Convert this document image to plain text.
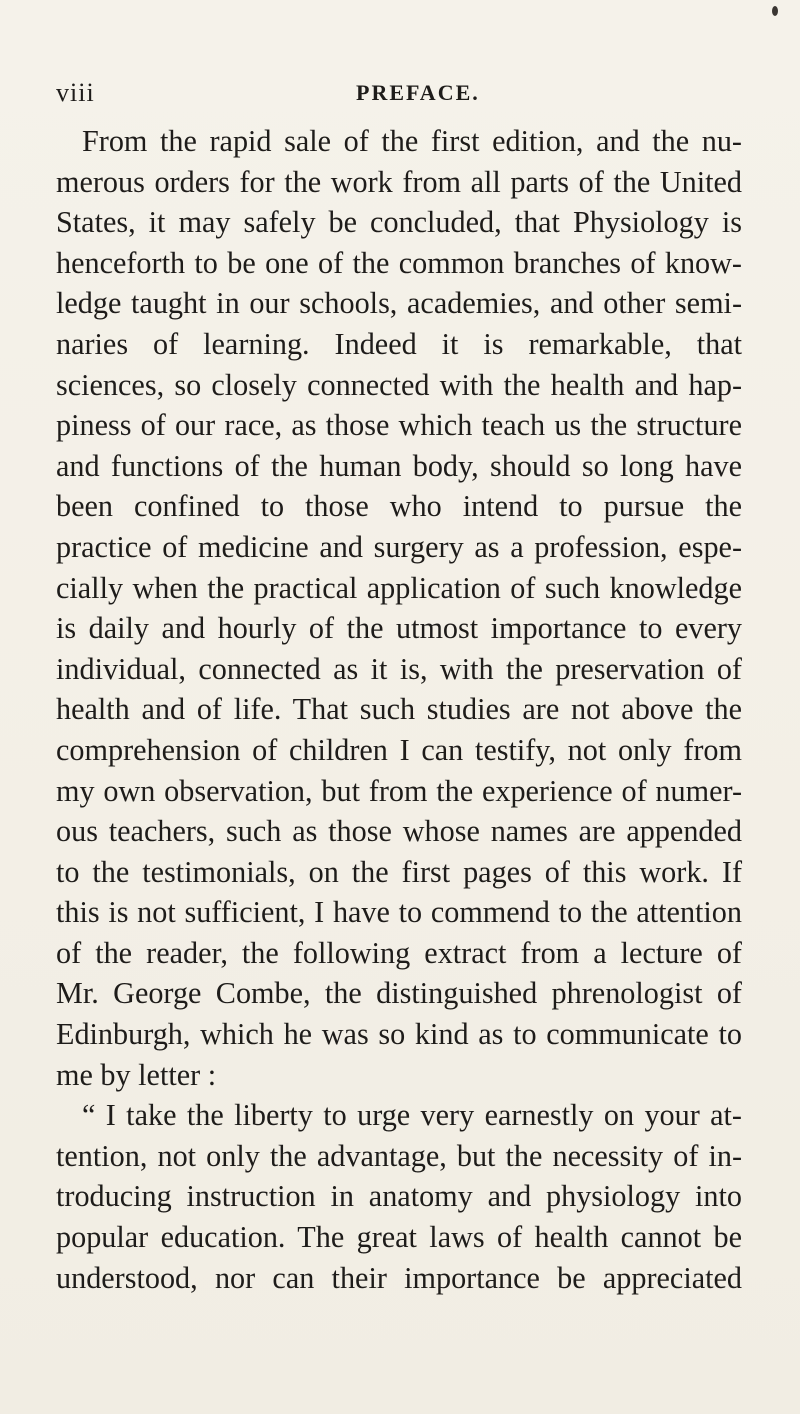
viii	PREFACE.
From the rapid sale of the first edition, and the nu-
merous orders for the work from all parts of the United
States, it may safely be concluded, that Physiology is
henceforth to be one of the common branches of know-
ledge taught in our schools, academies, and other semi-
naries of learning. Indeed it is remarkable, that
sciences, so closely connected with the health and hap-
piness of our race, as those which teach us the structure
and functions of the human body, should so long have
been confined to those who intend to pursue the
practice of medicine and surgery as a profession, espe-
cially when the practical application of such knowledge
is daily and hourly of the utmost importance to every
individual, connected as it is, with the preservation of
health and of life. That such studies are not above the
comprehension of children I can testify, not only from
my own observation, but from the experience of numer-
ous teachers, such as those whose names are appended
to the testimonials, on the first pages of this work. If
this is not sufficient, I have to commend to the attention
of the reader, the following extract from a lecture of
Mr. George Combe, the distinguished phrenologist of
Edinburgh, which he was so kind as to communicate to
me by letter :
“ I take the liberty to urge very earnestly on your at-
tention, not only the advantage, but the necessity of in-
troducing instruction in anatomy and physiology into
popular education. The great laws of health cannot be
understood, nor can their importance be appreciated
